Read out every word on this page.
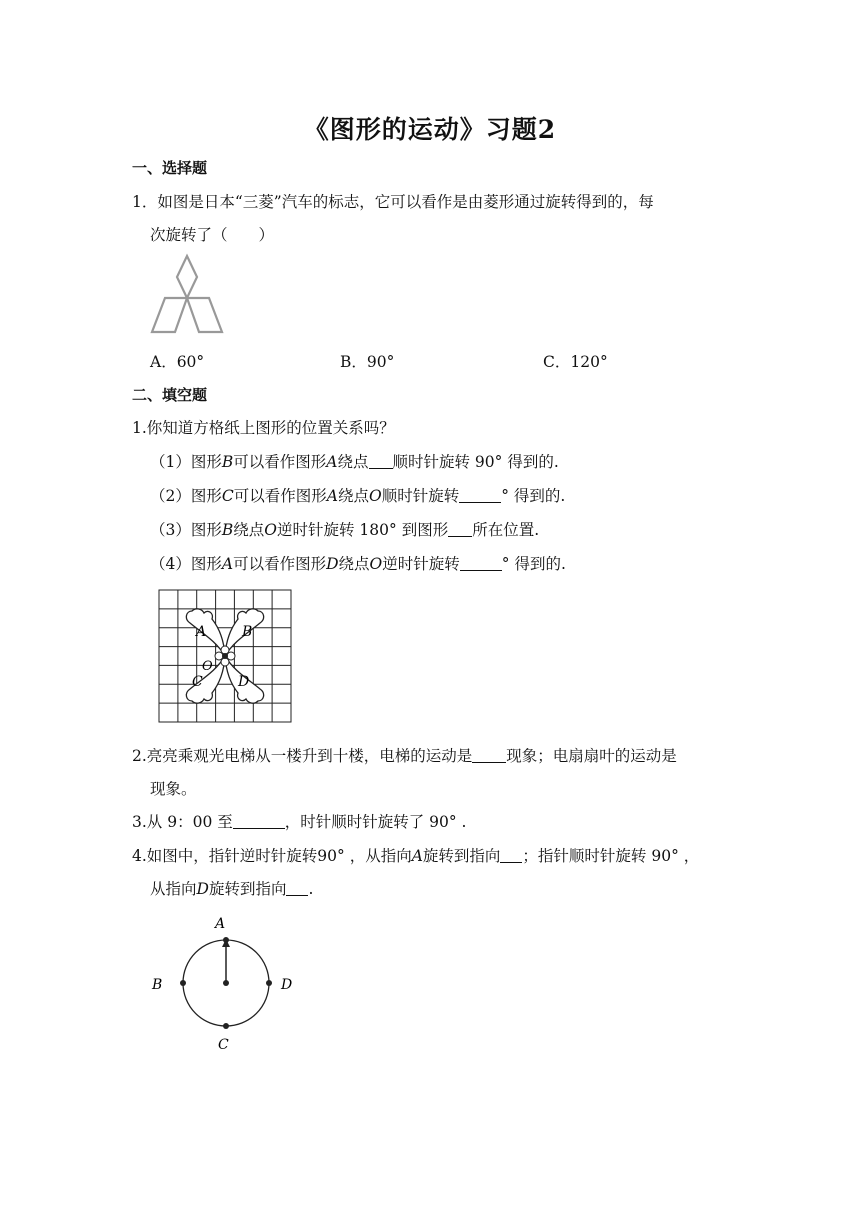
《图形的运动》习题2
一、选择题
1．如图是日本“三菱”汽车的标志，它可以看作是由菱形通过旋转得到的，每
次旋转了（　　）
A．60°	B．90°	C．120°
二、填空题
1.你知道方格纸上图形的位置关系吗？
（1）图形B可以看作图形A绕点 顺时针旋转 90° 得到的.
（2）图形C可以看作图形A绕点O顺时针旋转	° 得到的.
（3）图形B绕点O逆时针旋转 180° 到图形 所在位置.
（4）图形A可以看作图形D绕点O逆时针旋转	° 得到的.
A	B
C	D
O
2.亮亮乘观光电梯从一楼升到十楼，电梯的运动是 现象；电扇扇叶的运动是
现象。
3.从 9：00 至	，时针顺时针旋转了 90° .
4.如图中，指针逆时针旋转90° ，从指向A旋转到指向 ；指针顺时针旋转 90° ，
从指向D旋转到指向 .
A
B	D
C
